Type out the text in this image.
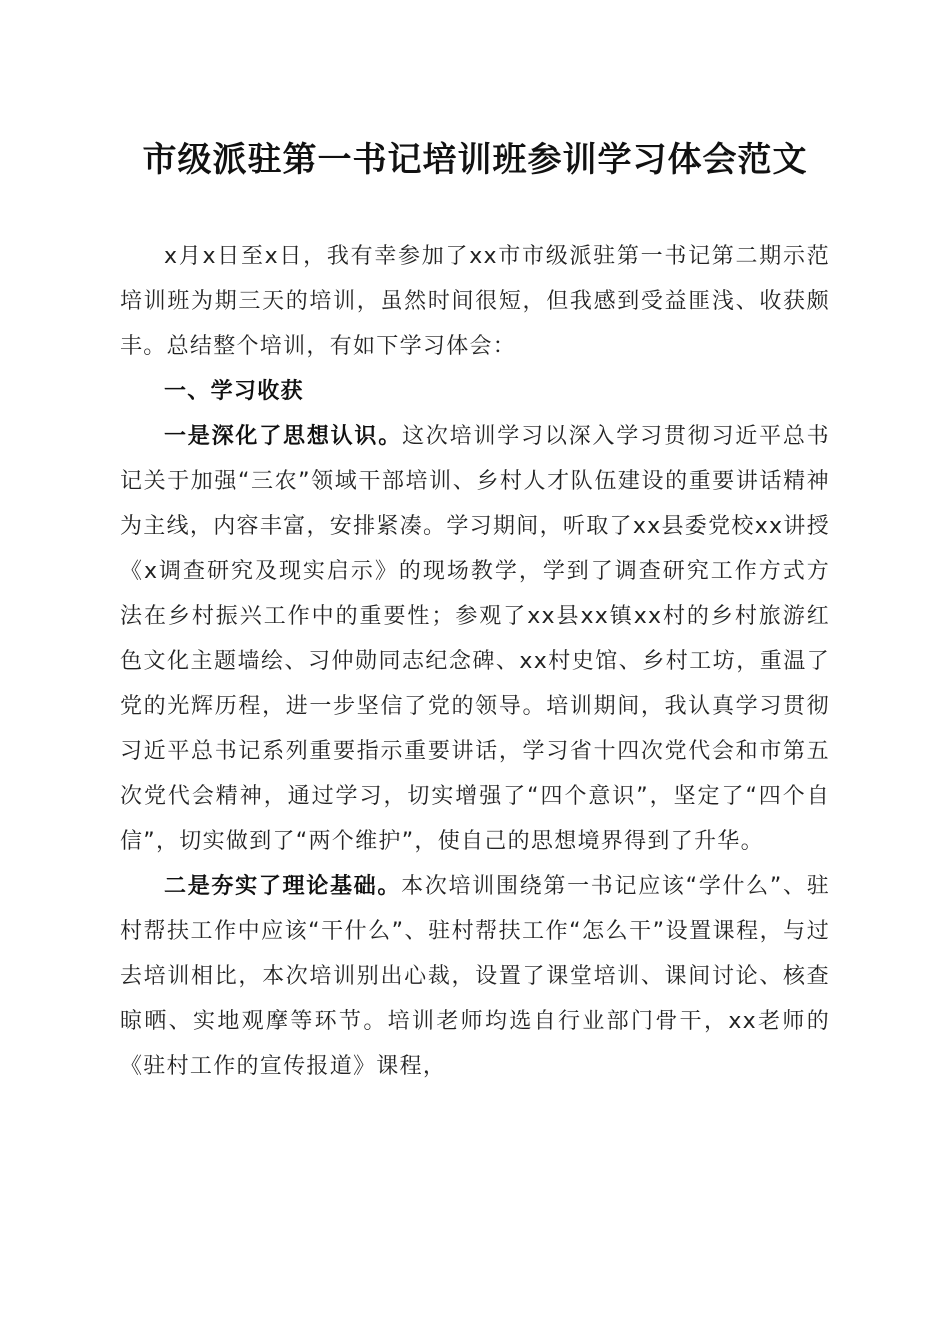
市级派驻第一书记培训班参训学习体会范文

x月x日至x日，我有幸参加了xx市市级派驻第一书记第二期示范培训班为期三天的培训，虽然时间很短，但我感到受益匪浅、收获颇丰。总结整个培训，有如下学习体会：

一、学习收获

一是深化了思想认识。这次培训学习以深入学习贯彻习近平总书记关于加强“三农”领域干部培训、乡村人才队伍建设的重要讲话精神为主线，内容丰富，安排紧凑。学习期间，听取了xx县委党校xx讲授《x调查研究及现实启示》的现场教学，学到了调查研究工作方式方法在乡村振兴工作中的重要性；参观了xx县xx镇xx村的乡村旅游红色文化主题墙绘、习仲勋同志纪念碑、xx村史馆、乡村工坊，重温了党的光辉历程，进一步坚信了党的领导。培训期间，我认真学习贯彻习近平总书记系列重要指示重要讲话，学习省十四次党代会和市第五次党代会精神，通过学习，切实增强了“四个意识”，坚定了“四个自信”，切实做到了“两个维护”，使自己的思想境界得到了升华。

二是夯实了理论基础。本次培训围绕第一书记应该“学什么”、驻村帮扶工作中应该“干什么”、驻村帮扶工作“怎么干”设置课程，与过去培训相比，本次培训别出心裁，设置了课堂培训、课间讨论、核查晾晒、实地观摩等环节。培训老师均选自行业部门骨干，xx老师的《驻村工作的宣传报道》课程，
